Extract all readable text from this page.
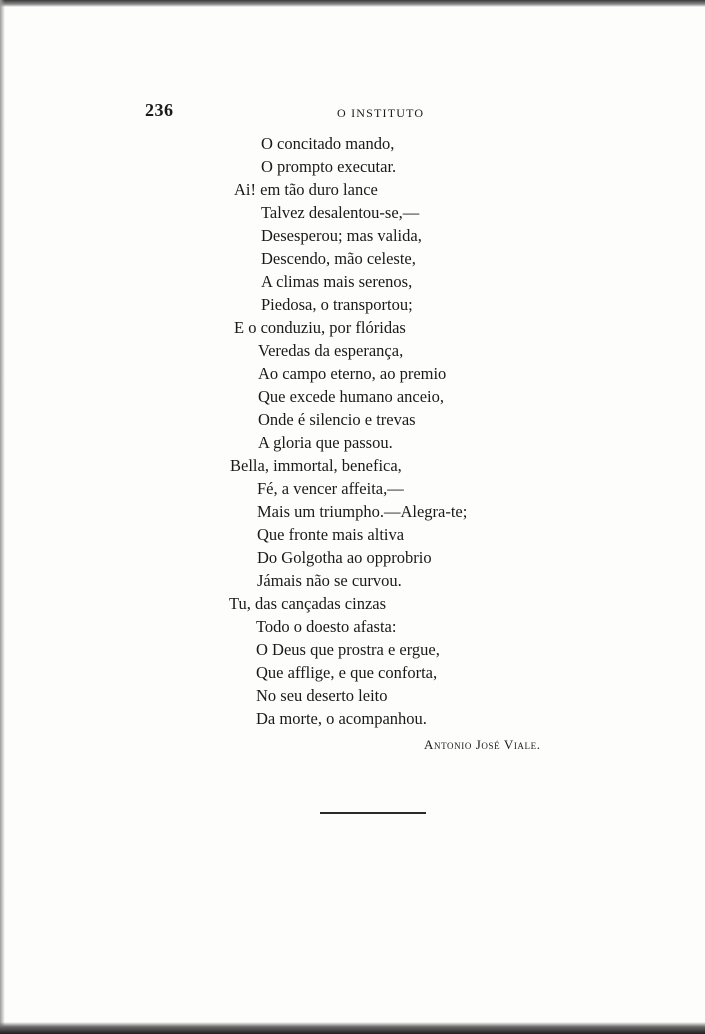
236	O INSTITUTO
O concitado mando,
O prompto executar.
Ai! em tão duro lance
Talvez desalentou-se,—
Desesperou; mas valida,
Descendo, mão celeste,
A climas mais serenos,
Piedosa, o transportou;
E o conduziu, por flóridas
Veredas da esperança,
Ao campo eterno, ao premio
Que excede humano anceio,
Onde é silencio e trevas
A gloria que passou.
Bella, immortal, benefica,
Fé, a vencer affeita,—
Mais um triumpho.—Alegra-te;
Que fronte mais altiva
Do Golgotha ao opprobrio
Jámais não se curvou.
Tu, das cançadas cinzas
Todo o doesto afasta:
O Deus que prostra e ergue,
Que afflige, e que conforta,
No seu deserto leito
Da morte, o acompanhou.
Antonio José Viale.
